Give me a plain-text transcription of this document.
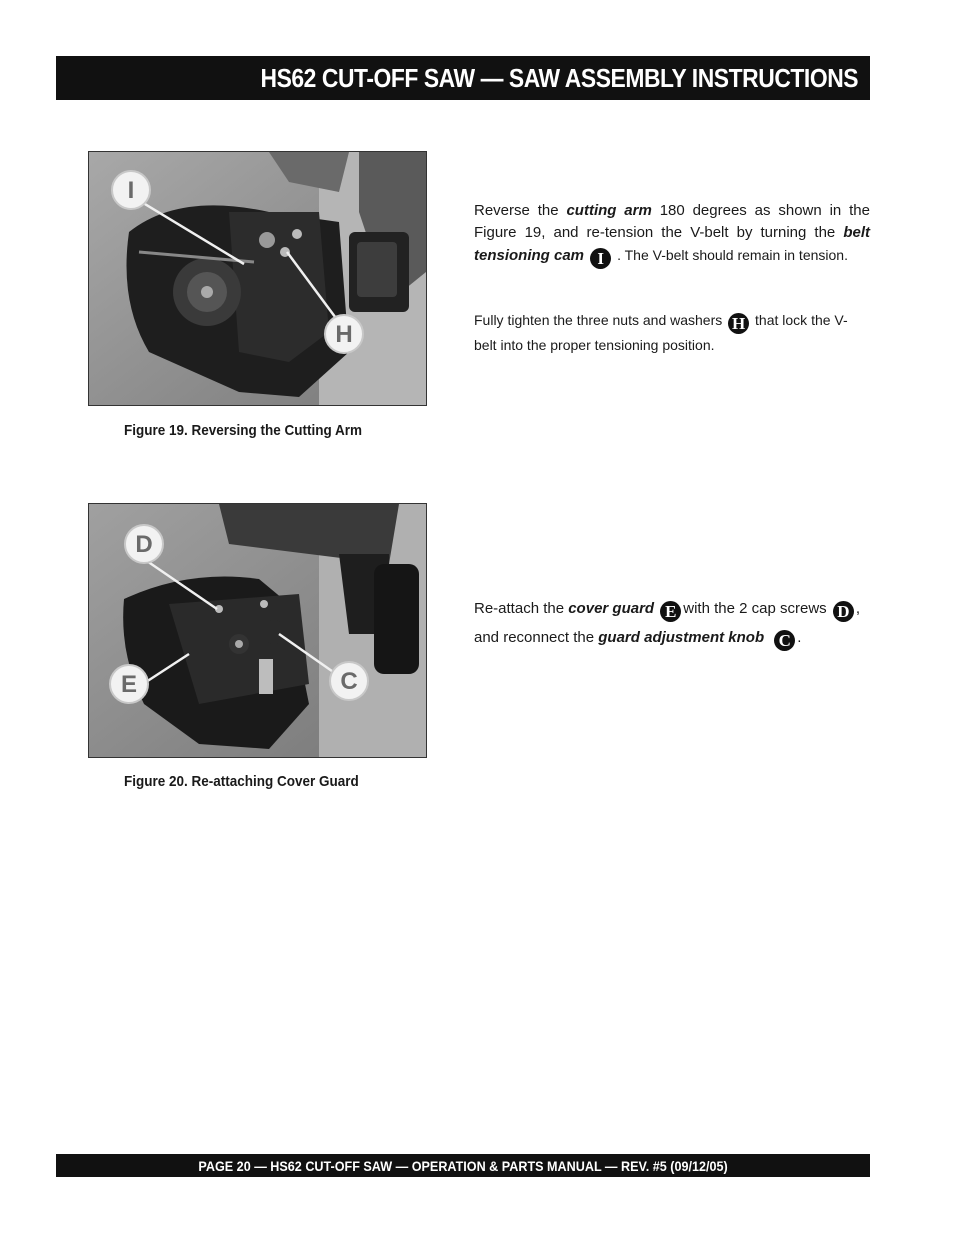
HS62 CUT-OFF SAW — SAW ASSEMBLY INSTRUCTIONS
I
H
Figure 19. Reversing the Cutting Arm
D
E	C
Figure 20. Re-attaching Cover Guard
Reverse the cutting arm 180 degrees as shown in the Figure 19, and re-tension the V-belt by turning the belt tensioning cam I . The V-belt should remain in tension.
Fully tighten the three nuts and washers H that lock the V-belt into the proper tensioning position.
Re-attach the cover guard E with the 2 cap screws D , and reconnect the guard adjustment knob C .
PAGE 20 — HS62 CUT-OFF SAW — OPERATION & PARTS MANUAL — REV. #5 (09/12/05)
